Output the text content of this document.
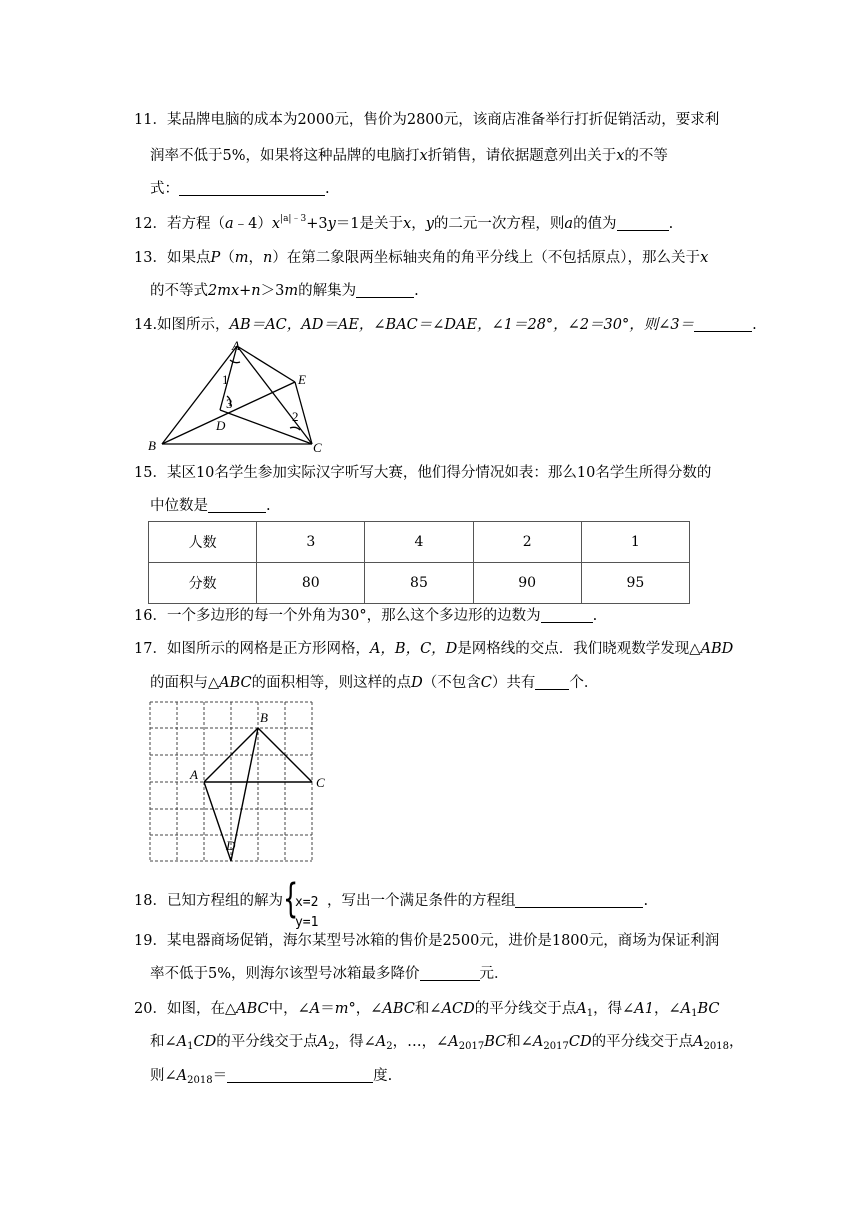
11．某品牌电脑的成本为2000元，售价为2800元，该商店准备举行打折促销活动，要求利
润率不低于5%，如果将这种品牌的电脑打x折销售，请依据题意列出关于x的不等
式：	.
12．若方程$(a﹣4)x^{|a|﹣3}+3y=1$是关于x，y的二元一次方程，则a的值为	.
13．如果点P（m，n）在第二象限两坐标轴夹角的角平分线上（不包括原点），那么关于x
的不等式2mx+n＞3m的解集为	.
14.如图所示，AB＝AC，AD＝AE，∠BAC＝∠DAE，∠1＝28°，∠2＝30°，则∠3＝	.
A
B	C
D
E
1
2
3
15．某区10名学生参加实际汉字听写大赛，他们得分情况如表：那么10名学生所得分数的
中位数是	.
人数	3	4	2	1
分数	80	85	90	95
16．一个多边形的每一个外角为30°，那么这个多边形的边数为	.
17．如图所示的网格是正方形网格，A，B，C，D是网格线的交点．我们晓观数学发现△ABD
的面积与△ABC的面积相等，则这样的点D（不包含C）共有 个．
A
B
C
D
18．已知方程组的解为 {
x=2
y=1
，写出一个满足条件的方程组	.
19．某电器商场促销，海尔某型号冰箱的售价是2500元，进价是1800元，商场为保证利润
率不低于5%，则海尔该型号冰箱最多降价	元．
20．如图，在△ABC中，∠A＝m°，∠ABC和∠ACD的平分线交于点$A_1$，得∠A1，$\angle A_1BC$
和$\angle A_1CD$的平分线交于点$A_2$，得$\angle A_2$，…，$\angle A_{2017}BC$和$\angle A_{2017}CD$的平分线交于点$A_{2018}$，
则$\angle A_{2018}=$	度.
